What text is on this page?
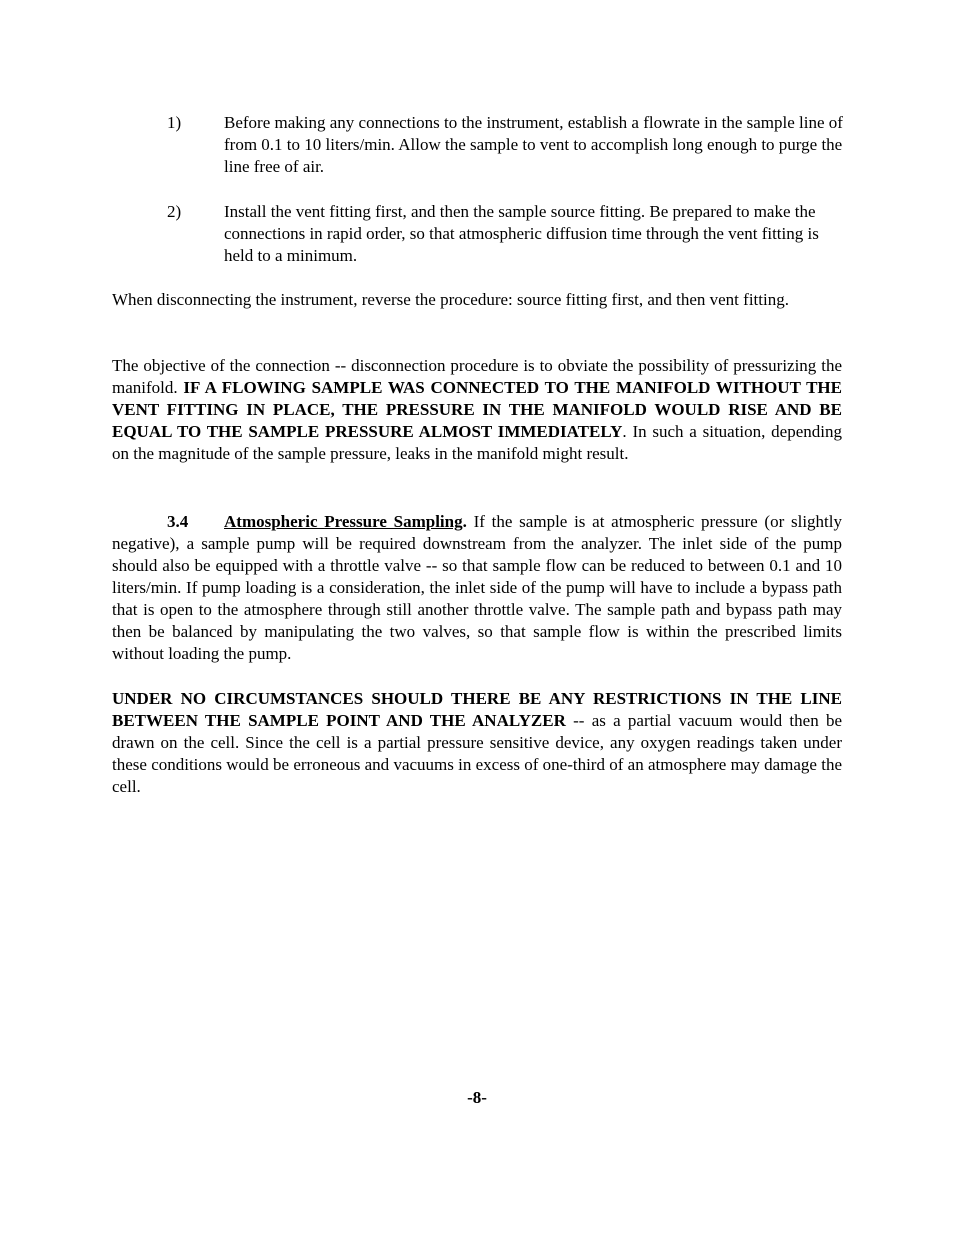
1)	Before making any connections to the instrument, establish a flowrate in the sample line of from 0.1 to 10 liters/min. Allow the sample to vent to accomplish long enough to purge the line free of air.
2)	Install the vent fitting first, and then the sample source fitting. Be prepared to make the connections in rapid order, so that atmospheric diffusion time through the vent fitting is held to a minimum.
When disconnecting the instrument, reverse the procedure: source fitting first, and then vent fitting.
The objective of the connection -- disconnection procedure is to obviate the possibility of pressurizing the manifold. IF A FLOWING SAMPLE WAS CONNECTED TO THE MANIFOLD WITHOUT THE VENT FITTING IN PLACE, THE PRESSURE IN THE MANIFOLD WOULD RISE AND BE EQUAL TO THE SAMPLE PRESSURE ALMOST IMMEDIATELY. In such a situation, depending on the magnitude of the sample pressure, leaks in the manifold might result.
3.4 Atmospheric Pressure Sampling. If the sample is at atmospheric pressure (or slightly negative), a sample pump will be required downstream from the analyzer. The inlet side of the pump should also be equipped with a throttle valve -- so that sample flow can be reduced to between 0.1 and 10 liters/min. If pump loading is a consideration, the inlet side of the pump will have to include a bypass path that is open to the atmosphere through still another throttle valve. The sample path and bypass path may then be balanced by manipulating the two valves, so that sample flow is within the prescribed limits without loading the pump.
UNDER NO CIRCUMSTANCES SHOULD THERE BE ANY RESTRICTIONS IN THE LINE BETWEEN THE SAMPLE POINT AND THE ANALYZER -- as a partial vacuum would then be drawn on the cell. Since the cell is a partial pressure sensitive device, any oxygen readings taken under these conditions would be erroneous and vacuums in excess of one-third of an atmosphere may damage the cell.
-8-
